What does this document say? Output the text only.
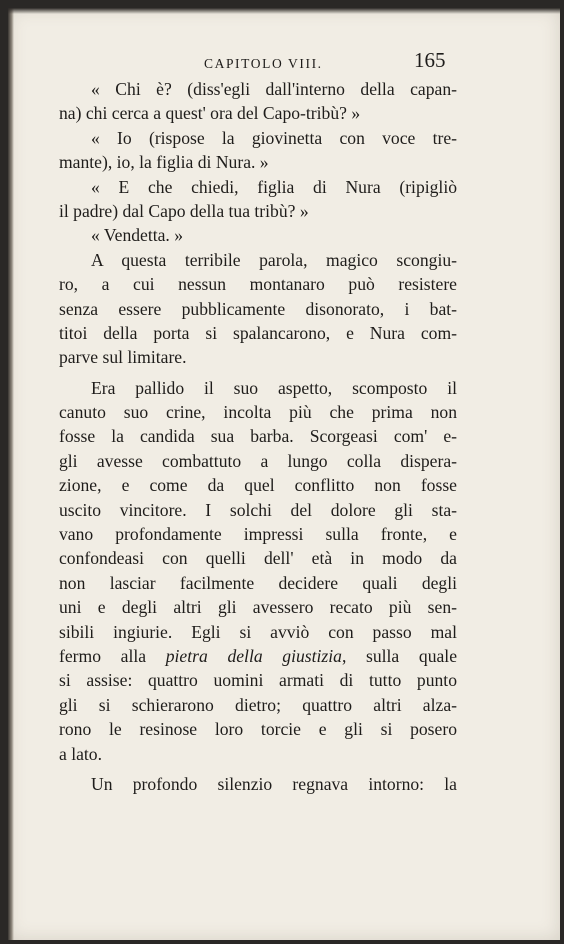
CAPITOLO VIII.	165
« Chi è? (diss'egli dall'interno della capan-
na) chi cerca a quest' ora del Capo-tribù? »
« Io (rispose la giovinetta con voce tre-
mante), io, la figlia di Nura. »
« E che chiedi, figlia di Nura (ripigliò
il padre) dal Capo della tua tribù? »
« Vendetta. »
A questa terribile parola, magico scongiu-
ro, a cui nessun montanaro può resistere
senza essere pubblicamente disonorato, i bat-
titoi della porta si spalancarono, e Nura com-
parve sul limitare.
Era pallido il suo aspetto, scomposto il
canuto suo crine, incolta più che prima non
fosse la candida sua barba. Scorgeasi com' e-
gli avesse combattuto a lungo colla dispera-
zione, e come da quel conflitto non fosse
uscito vincitore. I solchi del dolore gli sta-
vano profondamente impressi sulla fronte, e
confondeasi con quelli dell' età in modo da
non lasciar facilmente decidere quali degli
uni e degli altri gli avessero recato più sen-
sibili ingiurie. Egli si avviò con passo mal
fermo alla pietra della giustizia, sulla quale
si assise: quattro uomini armati di tutto punto
gli si schierarono dietro; quattro altri alza-
rono le resinose loro torcie e gli si posero
a lato.
Un profondo silenzio regnava intorno: la
